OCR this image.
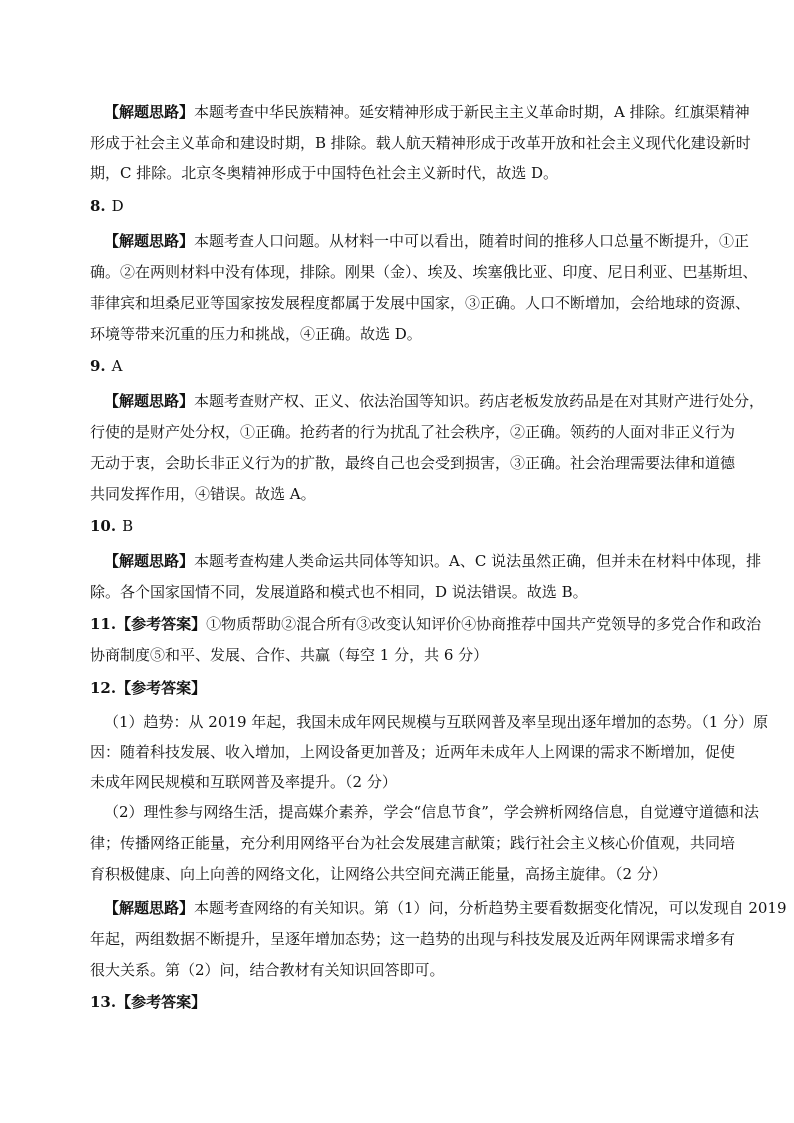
【解题思路】本题考查中华民族精神。延安精神形成于新民主主义革命时期，A 排除。红旗渠精神
形成于社会主义革命和建设时期，B 排除。载人航天精神形成于改革开放和社会主义现代化建设新时
期，C 排除。北京冬奥精神形成于中国特色社会主义新时代，故选 D。
8. D
【解题思路】本题考查人口问题。从材料一中可以看出，随着时间的推移人口总量不断提升，①正
确。②在两则材料中没有体现，排除。刚果（金）、埃及、埃塞俄比亚、印度、尼日利亚、巴基斯坦、
菲律宾和坦桑尼亚等国家按发展程度都属于发展中国家，③正确。人口不断增加，会给地球的资源、
环境等带来沉重的压力和挑战，④正确。故选 D。
9. A
【解题思路】本题考查财产权、正义、依法治国等知识。药店老板发放药品是在对其财产进行处分，
行使的是财产处分权，①正确。抢药者的行为扰乱了社会秩序，②正确。领药的人面对非正义行为
无动于衷，会助长非正义行为的扩散，最终自己也会受到损害，③正确。社会治理需要法律和道德
共同发挥作用，④错误。故选 A。
10. B
【解题思路】本题考查构建人类命运共同体等知识。A、C 说法虽然正确，但并未在材料中体现，排
除。各个国家国情不同，发展道路和模式也不相同，D 说法错误。故选 B。
11.【参考答案】①物质帮助②混合所有③改变认知评价④协商推荐中国共产党领导的多党合作和政治
协商制度⑤和平、发展、合作、共赢（每空 1 分，共 6 分）
12.【参考答案】
（1）趋势：从 2019 年起，我国未成年网民规模与互联网普及率呈现出逐年增加的态势。（1 分）原
因：随着科技发展、收入增加，上网设备更加普及；近两年未成年人上网课的需求不断增加，促使
未成年网民规模和互联网普及率提升。（2 分）
（2）理性参与网络生活，提高媒介素养，学会“信息节食”，学会辨析网络信息，自觉遵守道德和法
律；传播网络正能量，充分利用网络平台为社会发展建言献策；践行社会主义核心价值观，共同培
育积极健康、向上向善的网络文化，让网络公共空间充满正能量，高扬主旋律。（2 分）
【解题思路】本题考查网络的有关知识。第（1）问，分析趋势主要看数据变化情况，可以发现自 2019
年起，两组数据不断提升，呈逐年增加态势；这一趋势的出现与科技发展及近两年网课需求增多有
很大关系。第（2）问，结合教材有关知识回答即可。
13.【参考答案】
